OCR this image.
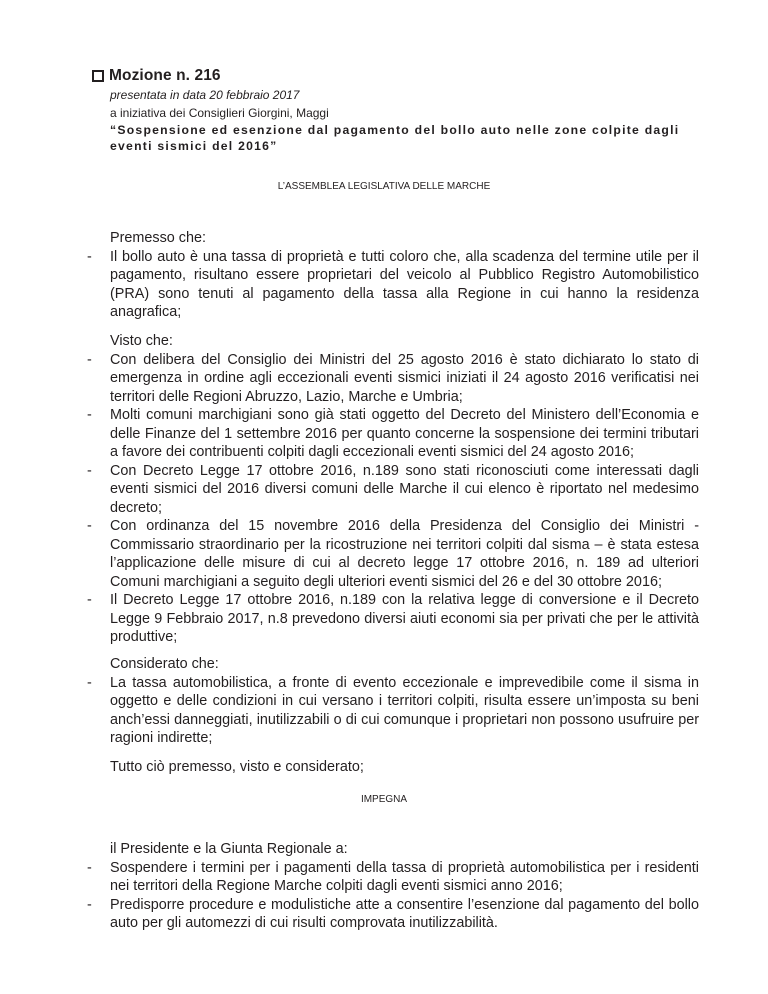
Mozione n. 216
presentata in data 20 febbraio 2017
a iniziativa dei Consiglieri Giorgini, Maggi
“Sospensione ed esenzione dal pagamento del bollo auto nelle zone colpite dagli eventi sismici del 2016”
L’ASSEMBLEA LEGISLATIVA DELLE MARCHE
Premesso che:
- Il bollo auto è una tassa di proprietà e tutti coloro che, alla scadenza del termine utile per il pagamento, risultano essere proprietari del veicolo al Pubblico Registro Automobilistico (PRA) sono tenuti al pagamento della tassa alla Regione in cui hanno la residenza anagrafica;
Visto che:
- Con delibera del Consiglio dei Ministri del 25 agosto 2016 è stato dichiarato lo stato di emergenza in ordine agli eccezionali eventi sismici iniziati il 24 agosto 2016 verificatisi nei territori delle Regioni Abruzzo, Lazio, Marche e Umbria;
- Molti comuni marchigiani sono già stati oggetto del Decreto del Ministero dell’Economia e delle Finanze del 1 settembre 2016 per quanto concerne la sospensione dei termini tributari a favore dei contribuenti colpiti dagli eccezionali eventi sismici del 24 agosto 2016;
- Con Decreto Legge 17 ottobre 2016, n.189 sono stati riconosciuti come interessati dagli eventi sismici del 2016 diversi comuni delle Marche il cui elenco è riportato nel medesimo decreto;
- Con ordinanza del 15 novembre 2016 della Presidenza del Consiglio dei Ministri - Commissario straordinario per la ricostruzione nei territori colpiti dal sisma – è stata estesa l’applicazione delle misure di cui al decreto legge 17 ottobre 2016, n. 189 ad ulteriori Comuni marchigiani a seguito degli ulteriori eventi sismici del 26 e del 30 ottobre 2016;
- Il Decreto Legge 17 ottobre 2016, n.189 con la relativa legge di conversione e il Decreto Legge 9 Febbraio 2017, n.8 prevedono diversi aiuti economi sia per privati che per le attività produttive;
Considerato che:
- La tassa automobilistica, a fronte di evento eccezionale e imprevedibile come il sisma in oggetto e delle condizioni in cui versano i territori colpiti, risulta essere un’imposta su beni anch’essi danneggiati, inutilizzabili o di cui comunque i proprietari non possono usufruire per ragioni indirette;
Tutto ciò premesso, visto e considerato;
IMPEGNA
il Presidente e la Giunta Regionale a:
- Sospendere i termini per i pagamenti della tassa di proprietà automobilistica per i residenti nei territori della Regione Marche colpiti dagli eventi sismici anno 2016;
- Predisporre procedure e modulistiche atte a consentire l’esenzione dal pagamento del bollo auto per gli automezzi di cui risulti comprovata inutilizzabilità.
